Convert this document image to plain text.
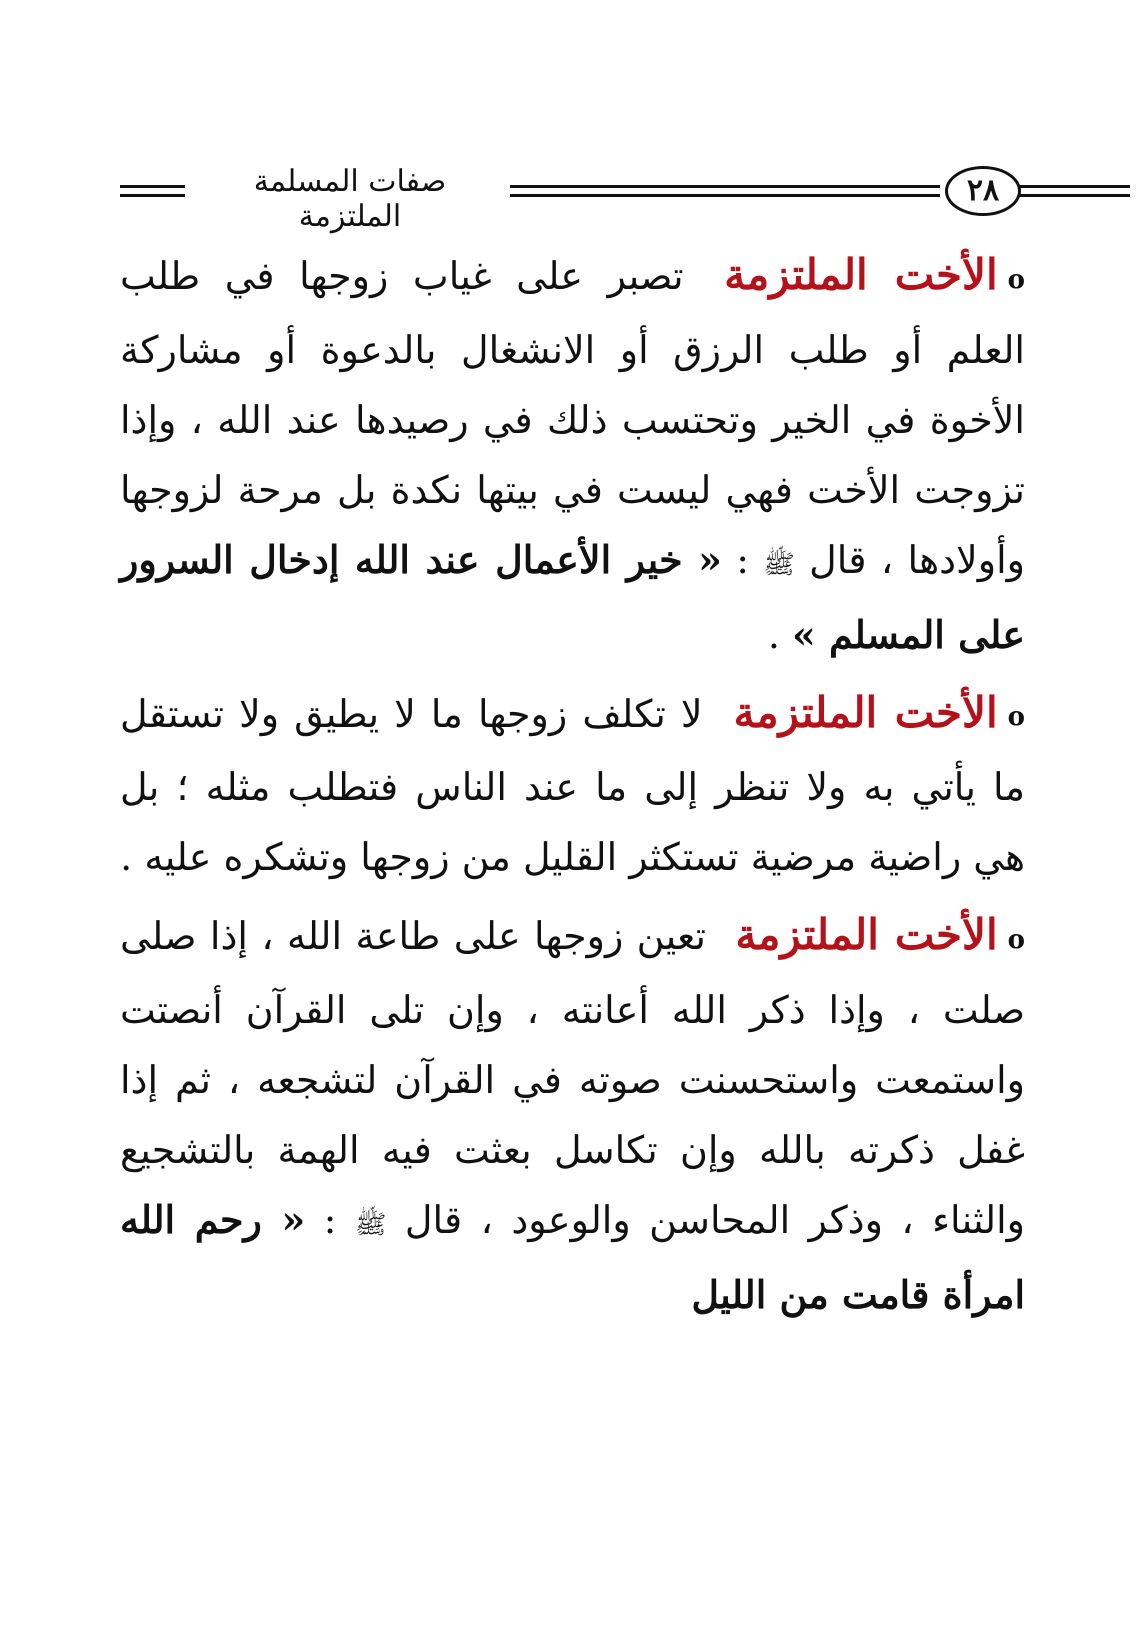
صفات المسلمة الملتزمة
٢٨

oالأخت الملتزمة تصبر على غياب زوجها في طلب العلم أو طلب الرزق أو الانشغال بالدعوة أو مشاركة الأخوة في الخير وتحتسب ذلك في رصيدها عند الله ، وإذا تزوجت الأخت فهي ليست في بيتها نكدة بل مرحة لزوجها وأولادها ، قال ﷺ : « خير الأعمال عند الله إدخال السرور على المسلم » .

oالأخت الملتزمة لا تكلف زوجها ما لا يطيق ولا تستقل ما يأتي به ولا تنظر إلى ما عند الناس فتطلب مثله ؛ بل هي راضية مرضية تستكثر القليل من زوجها وتشكره عليه .

oالأخت الملتزمة تعين زوجها على طاعة الله ، إذا صلى صلت ، وإذا ذكر الله أعانته ، وإن تلى القرآن أنصتت واستمعت واستحسنت صوته في القرآن لتشجعه ، ثم إذا غفل ذكرته بالله وإن تكاسل بعثت فيه الهمة بالتشجيع والثناء ، وذكر المحاسن والوعود ، قال ﷺ : « رحم الله امرأة قامت من الليل
